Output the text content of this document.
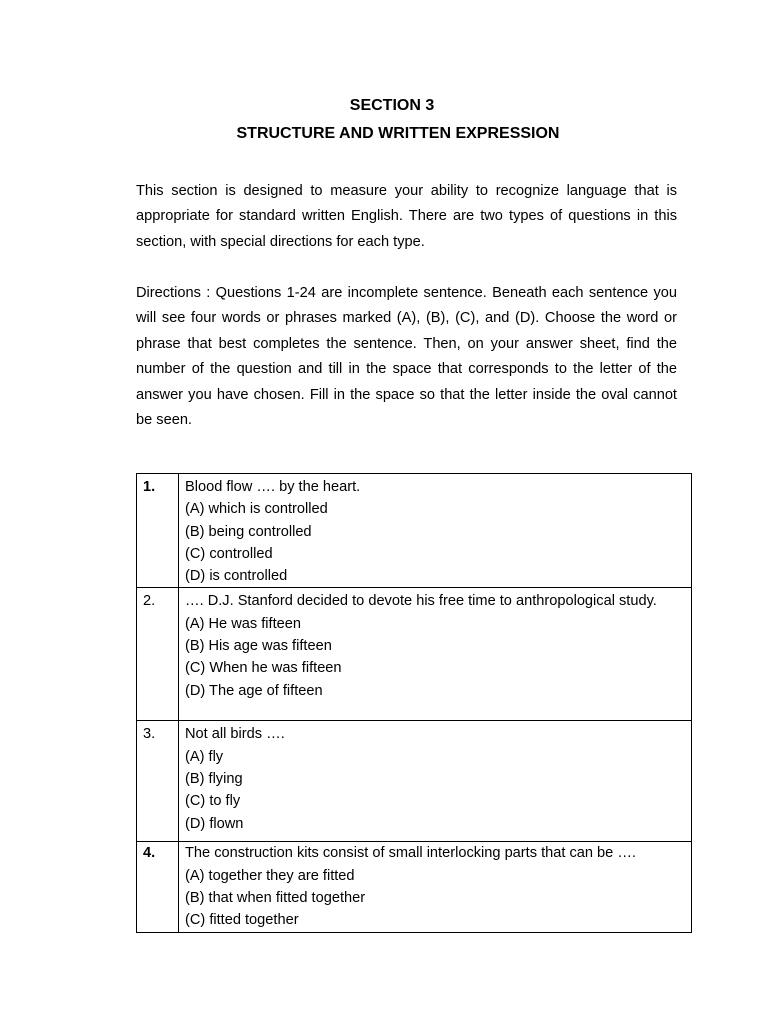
SECTION 3
STRUCTURE AND WRITTEN EXPRESSION
This section is designed to measure your ability to recognize language that is appropriate for standard written English. There are two types of questions in this section, with special directions for each type.
Directions : Questions 1-24 are incomplete sentence. Beneath each sentence you will see four words or phrases marked (A), (B), (C), and (D). Choose the word or phrase that best completes the sentence. Then, on your answer sheet, find the number of the question and till in the space that corresponds to the letter of the answer you have chosen. Fill in the space so that the letter inside the oval cannot be seen.
1.	Blood flow …. by the heart.
(A) which is controlled
(B) being controlled
(C) controlled
(D) is controlled

2.	…. D.J. Stanford decided to devote his free time to anthropological study.
(A) He was fifteen
(B) His age was fifteen
(C) When he was fifteen
(D) The age of fifteen

3.	Not all birds ….
(A) fly
(B) flying
(C) to fly
(D) flown

4.	The construction kits consist of small interlocking parts that can be ….
(A) together they are fitted
(B) that when fitted together
(C) fitted together
